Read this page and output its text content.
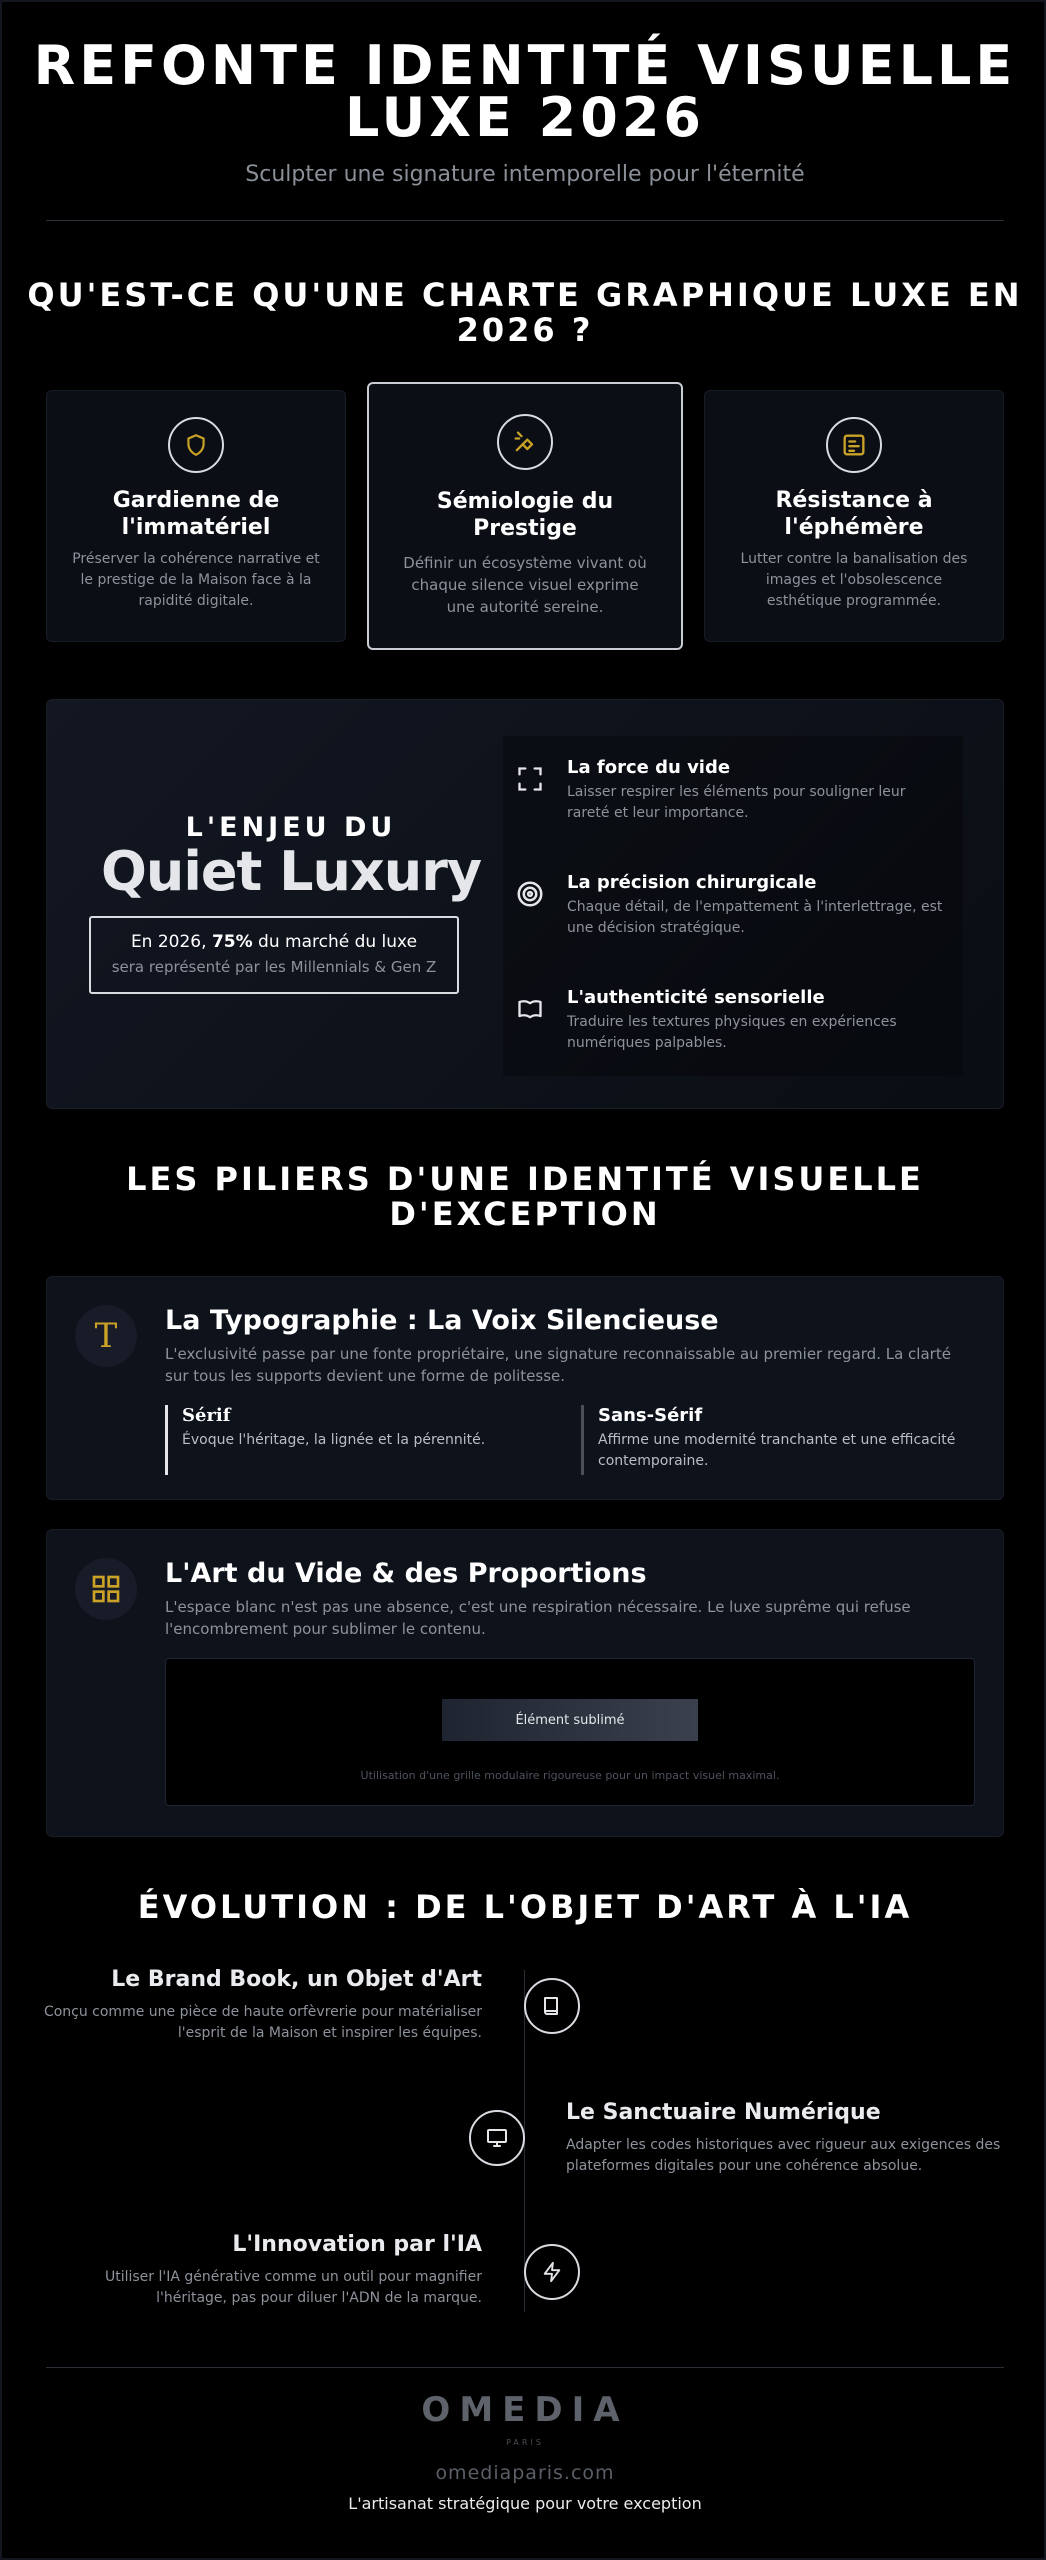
REFONTE IDENTITÉ VISUELLE
LUXE 2026
Sculpter une signature intemporelle pour l'éternité
QU'EST-CE QU'UNE CHARTE GRAPHIQUE LUXE EN
2026 ?
Gardienne de
l'immatériel
Préserver la cohérence narrative et le prestige de la Maison face à la rapidité digitale.
Sémiologie du
Prestige
Définir un écosystème vivant où chaque silence visuel exprime une autorité sereine.
Résistance à
l'éphémère
Lutter contre la banalisation des images et l'obsolescence esthétique programmée.
L'ENJEU DU
Quiet Luxury
En 2026, 75% du marché du luxe
sera représenté par les Millennials & Gen Z
La force du vide
Laisser respirer les éléments pour souligner leur rareté et leur importance.
La précision chirurgicale
Chaque détail, de l'empattement à l'interlettrage, est une décision stratégique.
L'authenticité sensorielle
Traduire les textures physiques en expériences numériques palpables.
LES PILIERS D'UNE IDENTITÉ VISUELLE
D'EXCEPTION
T La Typographie : La Voix Silencieuse
L'exclusivité passe par une fonte propriétaire, une signature reconnaissable au premier regard. La clarté sur tous les supports devient une forme de politesse.
Sérif
Évoque l'héritage, la lignée et la pérennité.
Sans-Sérif
Affirme une modernité tranchante et une efficacité contemporaine.
L'Art du Vide & des Proportions
L'espace blanc n'est pas une absence, c'est une respiration nécessaire. Le luxe suprême qui refuse l'encombrement pour sublimer le contenu.
Élément sublimé
Utilisation d'une grille modulaire rigoureuse pour un impact visuel maximal.
ÉVOLUTION : DE L'OBJET D'ART À L'IA
Le Brand Book, un Objet d'Art
Conçu comme une pièce de haute orfèvrerie pour matérialiser l'esprit de la Maison et inspirer les équipes.
Le Sanctuaire Numérique
Adapter les codes historiques avec rigueur aux exigences des plateformes digitales pour une cohérence absolue.
L'Innovation par l'IA
Utiliser l'IA générative comme un outil pour magnifier l'héritage, pas pour diluer l'ADN de la marque.
OMEDIA
PARIS
omediaparis.com
L'artisanat stratégique pour votre exception
